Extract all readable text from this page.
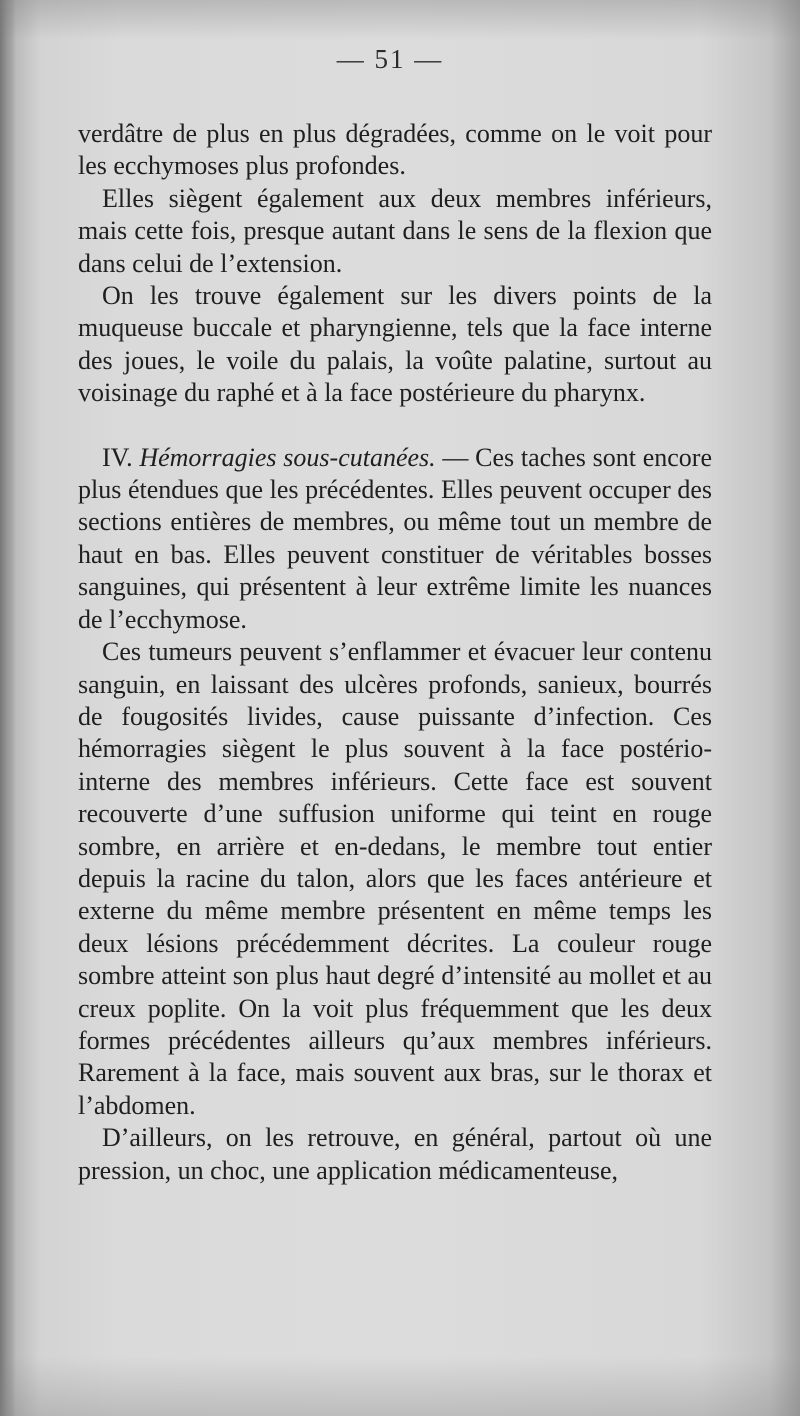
— 51 —

verdâtre de plus en plus dégradées, comme on le voit pour les ecchymoses plus profondes.

Elles siègent également aux deux membres inférieurs, mais cette fois, presque autant dans le sens de la flexion que dans celui de l’extension.

On les trouve également sur les divers points de la muqueuse buccale et pharyngienne, tels que la face interne des joues, le voile du palais, la voûte palatine, surtout au voisinage du raphé et à la face postérieure du pharynx.

IV. Hémorragies sous-cutanées. — Ces taches sont encore plus étendues que les précédentes. Elles peuvent occuper des sections entières de membres, ou même tout un membre de haut en bas. Elles peuvent constituer de véritables bosses sanguines, qui présentent à leur extrême limite les nuances de l’ecchymose.

Ces tumeurs peuvent s’enflammer et évacuer leur contenu sanguin, en laissant des ulcères profonds, sanieux, bourrés de fougosités livides, cause puissante d’infection. Ces hémorragies siègent le plus souvent à la face postério-interne des membres inférieurs. Cette face est souvent recouverte d’une suffusion uniforme qui teint en rouge sombre, en arrière et en-dedans, le membre tout entier depuis la racine du talon, alors que les faces antérieure et externe du même membre présentent en même temps les deux lésions précédemment décrites. La couleur rouge sombre atteint son plus haut degré d’intensité au mollet et au creux poplite. On la voit plus fréquemment que les deux formes précédentes ailleurs qu’aux membres inférieurs. Rarement à la face, mais souvent aux bras, sur le thorax et l’abdomen.

D’ailleurs, on les retrouve, en général, partout où une pression, un choc, une application médicamenteuse,
